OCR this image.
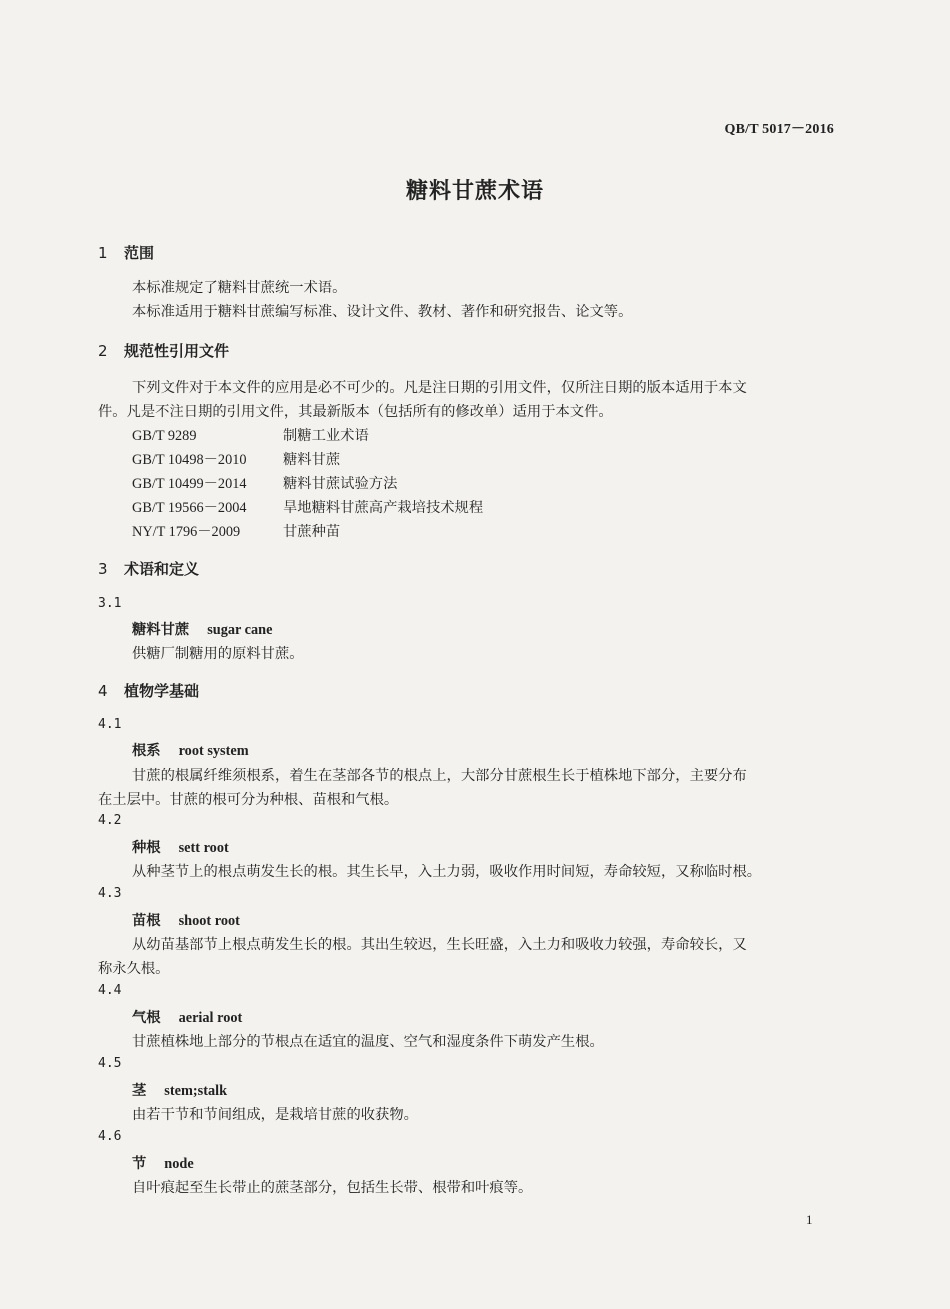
QB/T 5017－2016
糖料甘蔗术语
1 范围
本标准规定了糖料甘蔗统一术语。
本标准适用于糖料甘蔗编写标准、设计文件、教材、著作和研究报告、论文等。
2 规范性引用文件
下列文件对于本文件的应用是必不可少的。凡是注日期的引用文件，仅所注日期的版本适用于本文
件。凡是不注日期的引用文件，其最新版本（包括所有的修改单）适用于本文件。
GB/T 9289	制糖工业术语
GB/T 10498－2010	糖料甘蔗
GB/T 10499－2014	糖料甘蔗试验方法
GB/T 19566－2004	旱地糖料甘蔗高产栽培技术规程
NY/T 1796－2009	甘蔗种苗
3 术语和定义
3.1
糖料甘蔗 sugar cane
供糖厂制糖用的原料甘蔗。
4 植物学基础
4.1
根系 root system
甘蔗的根属纤维须根系，着生在茎部各节的根点上，大部分甘蔗根生长于植株地下部分，主要分布
在土层中。甘蔗的根可分为种根、苗根和气根。
4.2
种根 sett root
从种茎节上的根点萌发生长的根。其生长早，入土力弱，吸收作用时间短，寿命较短，又称临时根。
4.3
苗根 shoot root
从幼苗基部节上根点萌发生长的根。其出生较迟，生长旺盛，入土力和吸收力较强，寿命较长，又
称永久根。
4.4
气根 aerial root
甘蔗植株地上部分的节根点在适宜的温度、空气和湿度条件下萌发产生根。
4.5
茎 stem;stalk
由若干节和节间组成，是栽培甘蔗的收获物。
4.6
节 node
自叶痕起至生长带止的蔗茎部分，包括生长带、根带和叶痕等。
1
